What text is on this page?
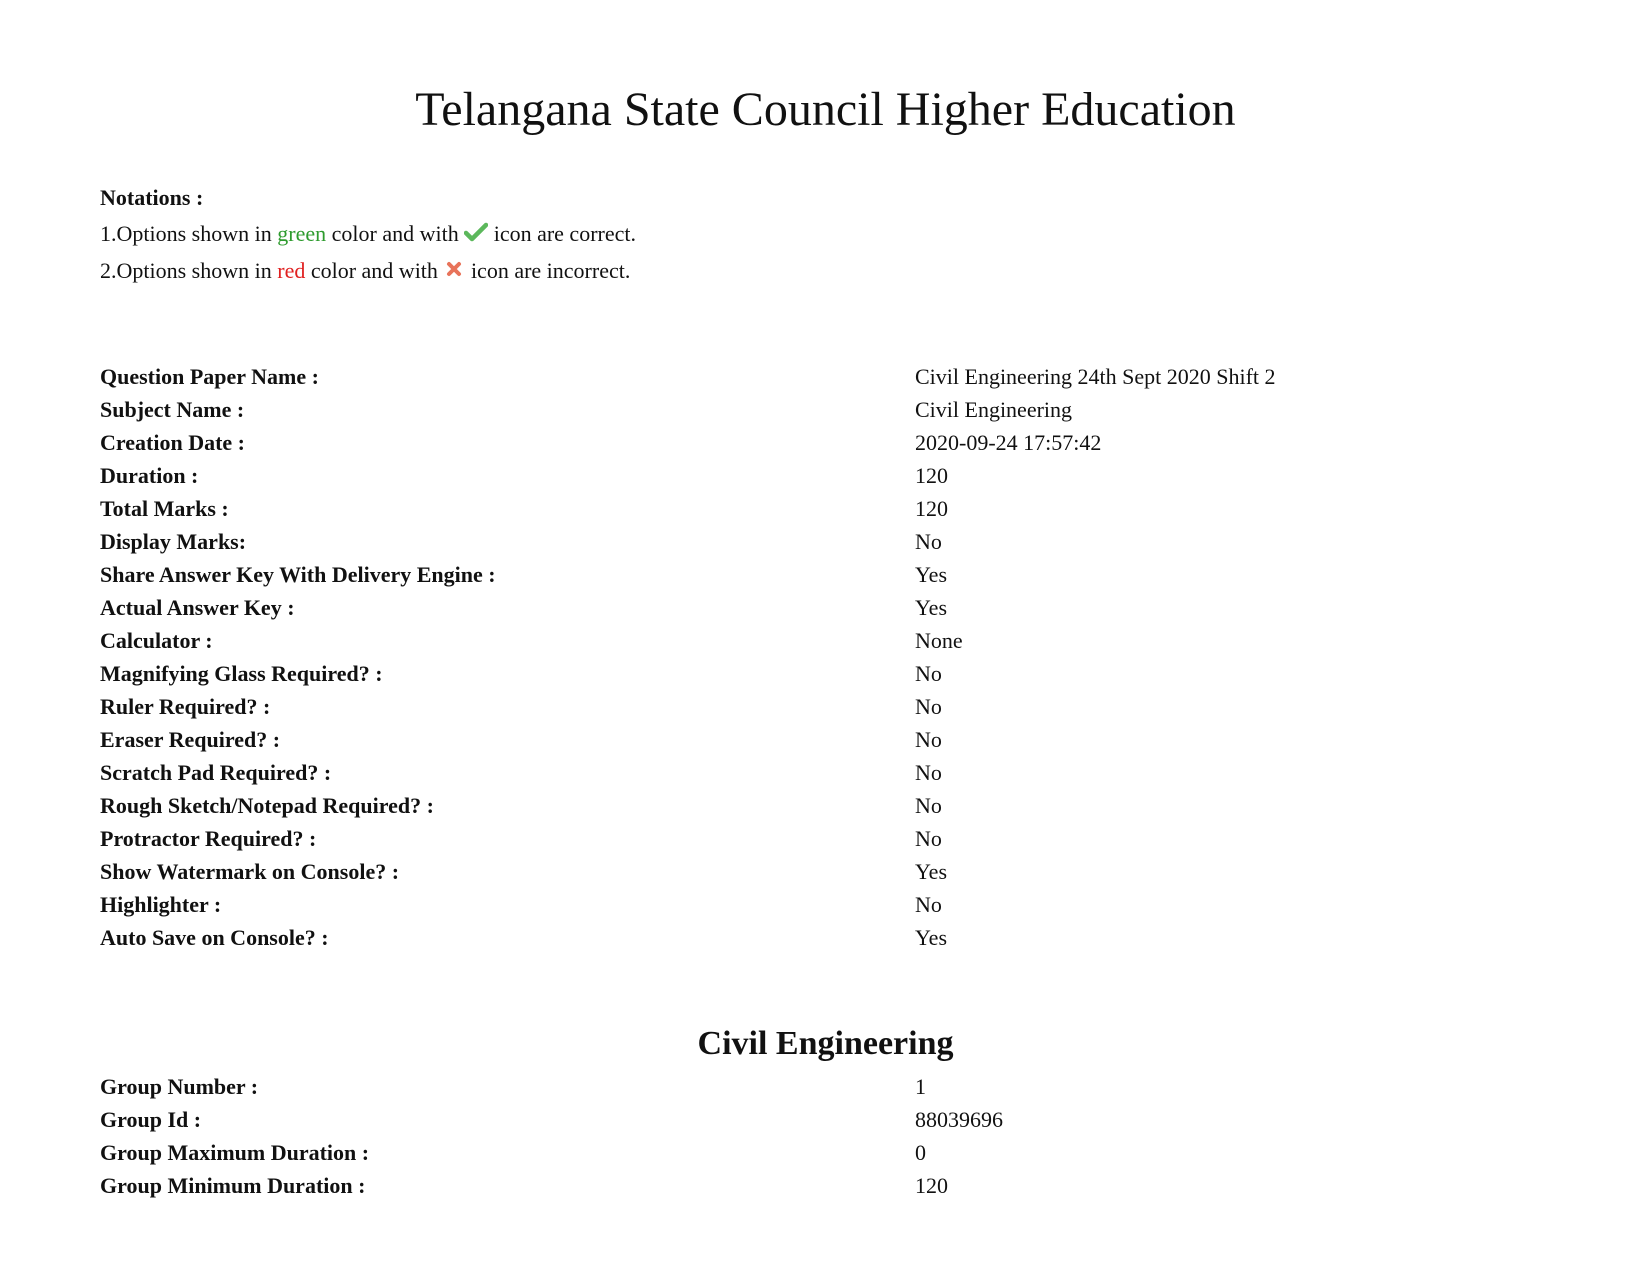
Telangana State Council Higher Education
Notations :
1.Options shown in green color and with  icon are correct.
2.Options shown in red color and with  icon are incorrect.
Question Paper Name :	Civil Engineering 24th Sept 2020 Shift 2
Subject Name :	Civil Engineering
Creation Date :	2020-09-24 17:57:42
Duration :	120
Total Marks :	120
Display Marks:	No
Share Answer Key With Delivery Engine :	Yes
Actual Answer Key :	Yes
Calculator :	None
Magnifying Glass Required? :	No
Ruler Required? :	No
Eraser Required? :	No
Scratch Pad Required? :	No
Rough Sketch/Notepad Required? :	No
Protractor Required? :	No
Show Watermark on Console? :	Yes
Highlighter :	No
Auto Save on Console? :	Yes
Civil Engineering
Group Number :	1
Group Id :	88039696
Group Maximum Duration :	0
Group Minimum Duration :	120
